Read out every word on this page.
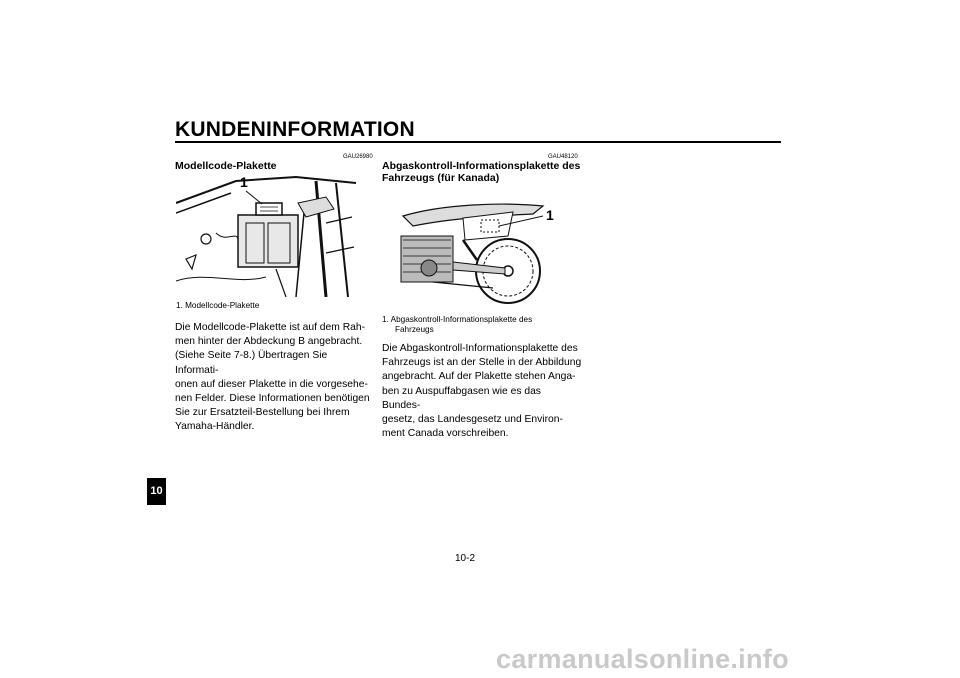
KUNDENINFORMATION
GAU26980
Modellcode-Plakette
1
1. Modellcode-Plakette
Die Modellcode-Plakette ist auf dem Rah-
men hinter der Abdeckung B angebracht.
(Siehe Seite 7-8.) Übertragen Sie Informati-
onen auf dieser Plakette in die vorgesehe-
nen Felder. Diese Informationen benötigen
Sie zur Ersatzteil-Bestellung bei Ihrem
Yamaha-Händler.
GAU48120
Abgaskontroll-Informationsplakette des
Fahrzeugs (für Kanada)
1
1. Abgaskontroll-Informationsplakette des
Fahrzeugs
Die Abgaskontroll-Informationsplakette des
Fahrzeugs ist an der Stelle in der Abbildung
angebracht. Auf der Plakette stehen Anga-
ben zu Auspuffabgasen wie es das Bundes-
gesetz, das Landesgesetz und Environ-
ment Canada vorschreiben.
10
10-2
carmanualsonline.info
